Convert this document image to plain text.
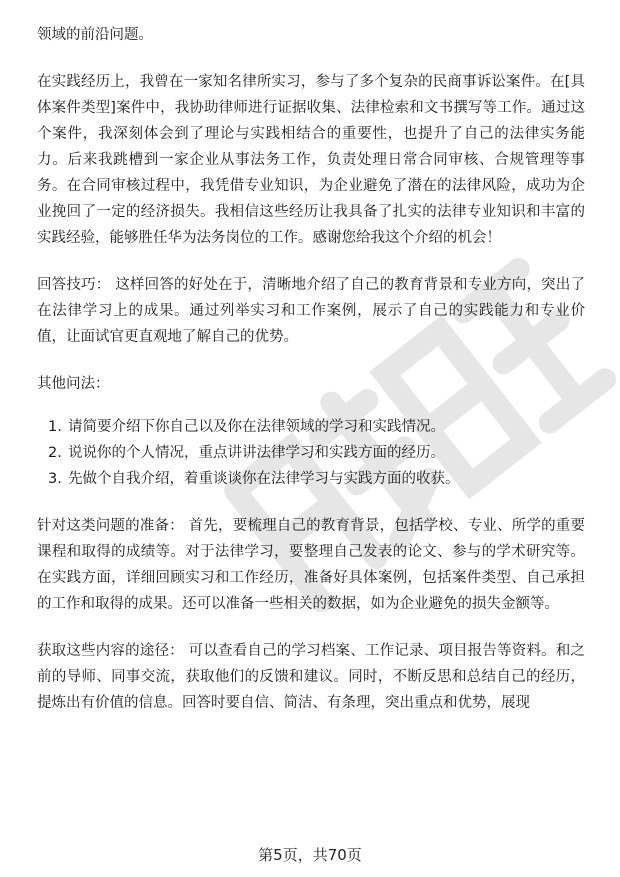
领域的前沿问题。

在实践经历上，我曾在一家知名律所实习，参与了多个复杂的民商事诉讼案件。在[具体案件类型]案件中，我协助律师进行证据收集、法律检索和文书撰写等工作。通过这个案件，我深刻体会到了理论与实践相结合的重要性，也提升了自己的法律实务能力。后来我跳槽到一家企业从事法务工作，负责处理日常合同审核、合规管理等事务。在合同审核过程中，我凭借专业知识，为企业避免了潜在的法律风险，成功为企业挽回了一定的经济损失。我相信这些经历让我具备了扎实的法律专业知识和丰富的实践经验，能够胜任华为法务岗位的工作。感谢您给我这个介绍的机会！

回答技巧： 这样回答的好处在于，清晰地介绍了自己的教育背景和专业方向，突出了在法律学习上的成果。通过列举实习和工作案例，展示了自己的实践能力和专业价值，让面试官更直观地了解自己的优势。

其他问法：

1. 请简要介绍下你自己以及你在法律领域的学习和实践情况。
2. 说说你的个人情况，重点讲讲法律学习和实践方面的经历。
3. 先做个自我介绍，着重谈谈你在法律学习与实践方面的收获。

针对这类问题的准备： 首先，要梳理自己的教育背景，包括学校、专业、所学的重要课程和取得的成绩等。对于法律学习，要整理自己发表的论文、参与的学术研究等。在实践方面，详细回顾实习和工作经历，准备好具体案例，包括案件类型、自己承担的工作和取得的成果。还可以准备一些相关的数据，如为企业避免的损失金额等。

获取这些内容的途径： 可以查看自己的学习档案、工作记录、项目报告等资料。和之前的导师、同事交流，获取他们的反馈和建议。同时，不断反思和总结自己的经历，提炼出有价值的信息。回答时要自信、简洁、有条理，突出重点和优势，展现

第5页，共70页
